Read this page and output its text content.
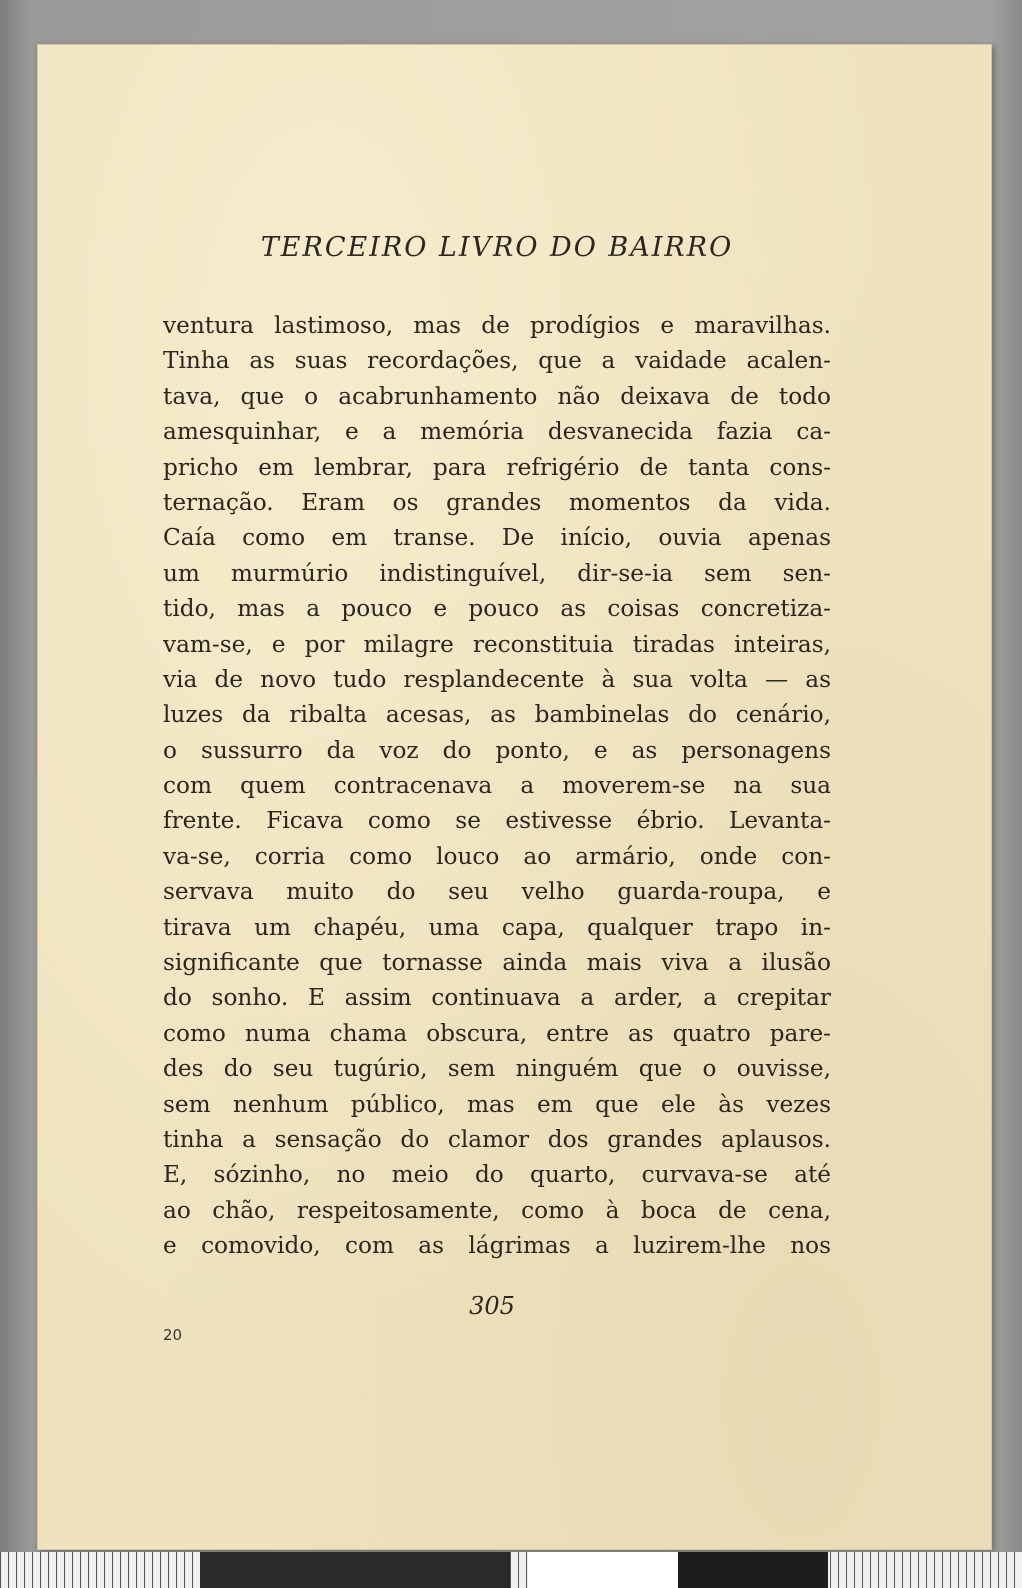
TERCEIRO LIVRO DO BAIRRO
ventura lastimoso, mas de prodígios e maravilhas.
Tinha as suas recordações, que a vaidade acalen-
tava, que o acabrunhamento não deixava de todo
amesquinhar, e a memória desvanecida fazia ca-
pricho em lembrar, para refrigério de tanta cons-
ternação. Eram os grandes momentos da vida.
Caía como em transe. De início, ouvia apenas
um murmúrio indistinguível, dir-se-ia sem sen-
tido, mas a pouco e pouco as coisas concretiza-
vam-se, e por milagre reconstituia tiradas inteiras,
via de novo tudo resplandecente à sua volta — as
luzes da ribalta acesas, as bambinelas do cenário,
o sussurro da voz do ponto, e as personagens
com quem contracenava a moverem-se na sua
frente. Ficava como se estivesse ébrio. Levanta-
va-se, corria como louco ao armário, onde con-
servava muito do seu velho guarda-roupa, e
tirava um chapéu, uma capa, qualquer trapo in-
significante que tornasse ainda mais viva a ilusão
do sonho. E assim continuava a arder, a crepitar
como numa chama obscura, entre as quatro pare-
des do seu tugúrio, sem ninguém que o ouvisse,
sem nenhum público, mas em que ele às vezes
tinha a sensação do clamor dos grandes aplausos.
E, sózinho, no meio do quarto, curvava-se até
ao chão, respeitosamente, como à boca de cena,
e comovido, com as lágrimas a luzirem-lhe nos
305
20
